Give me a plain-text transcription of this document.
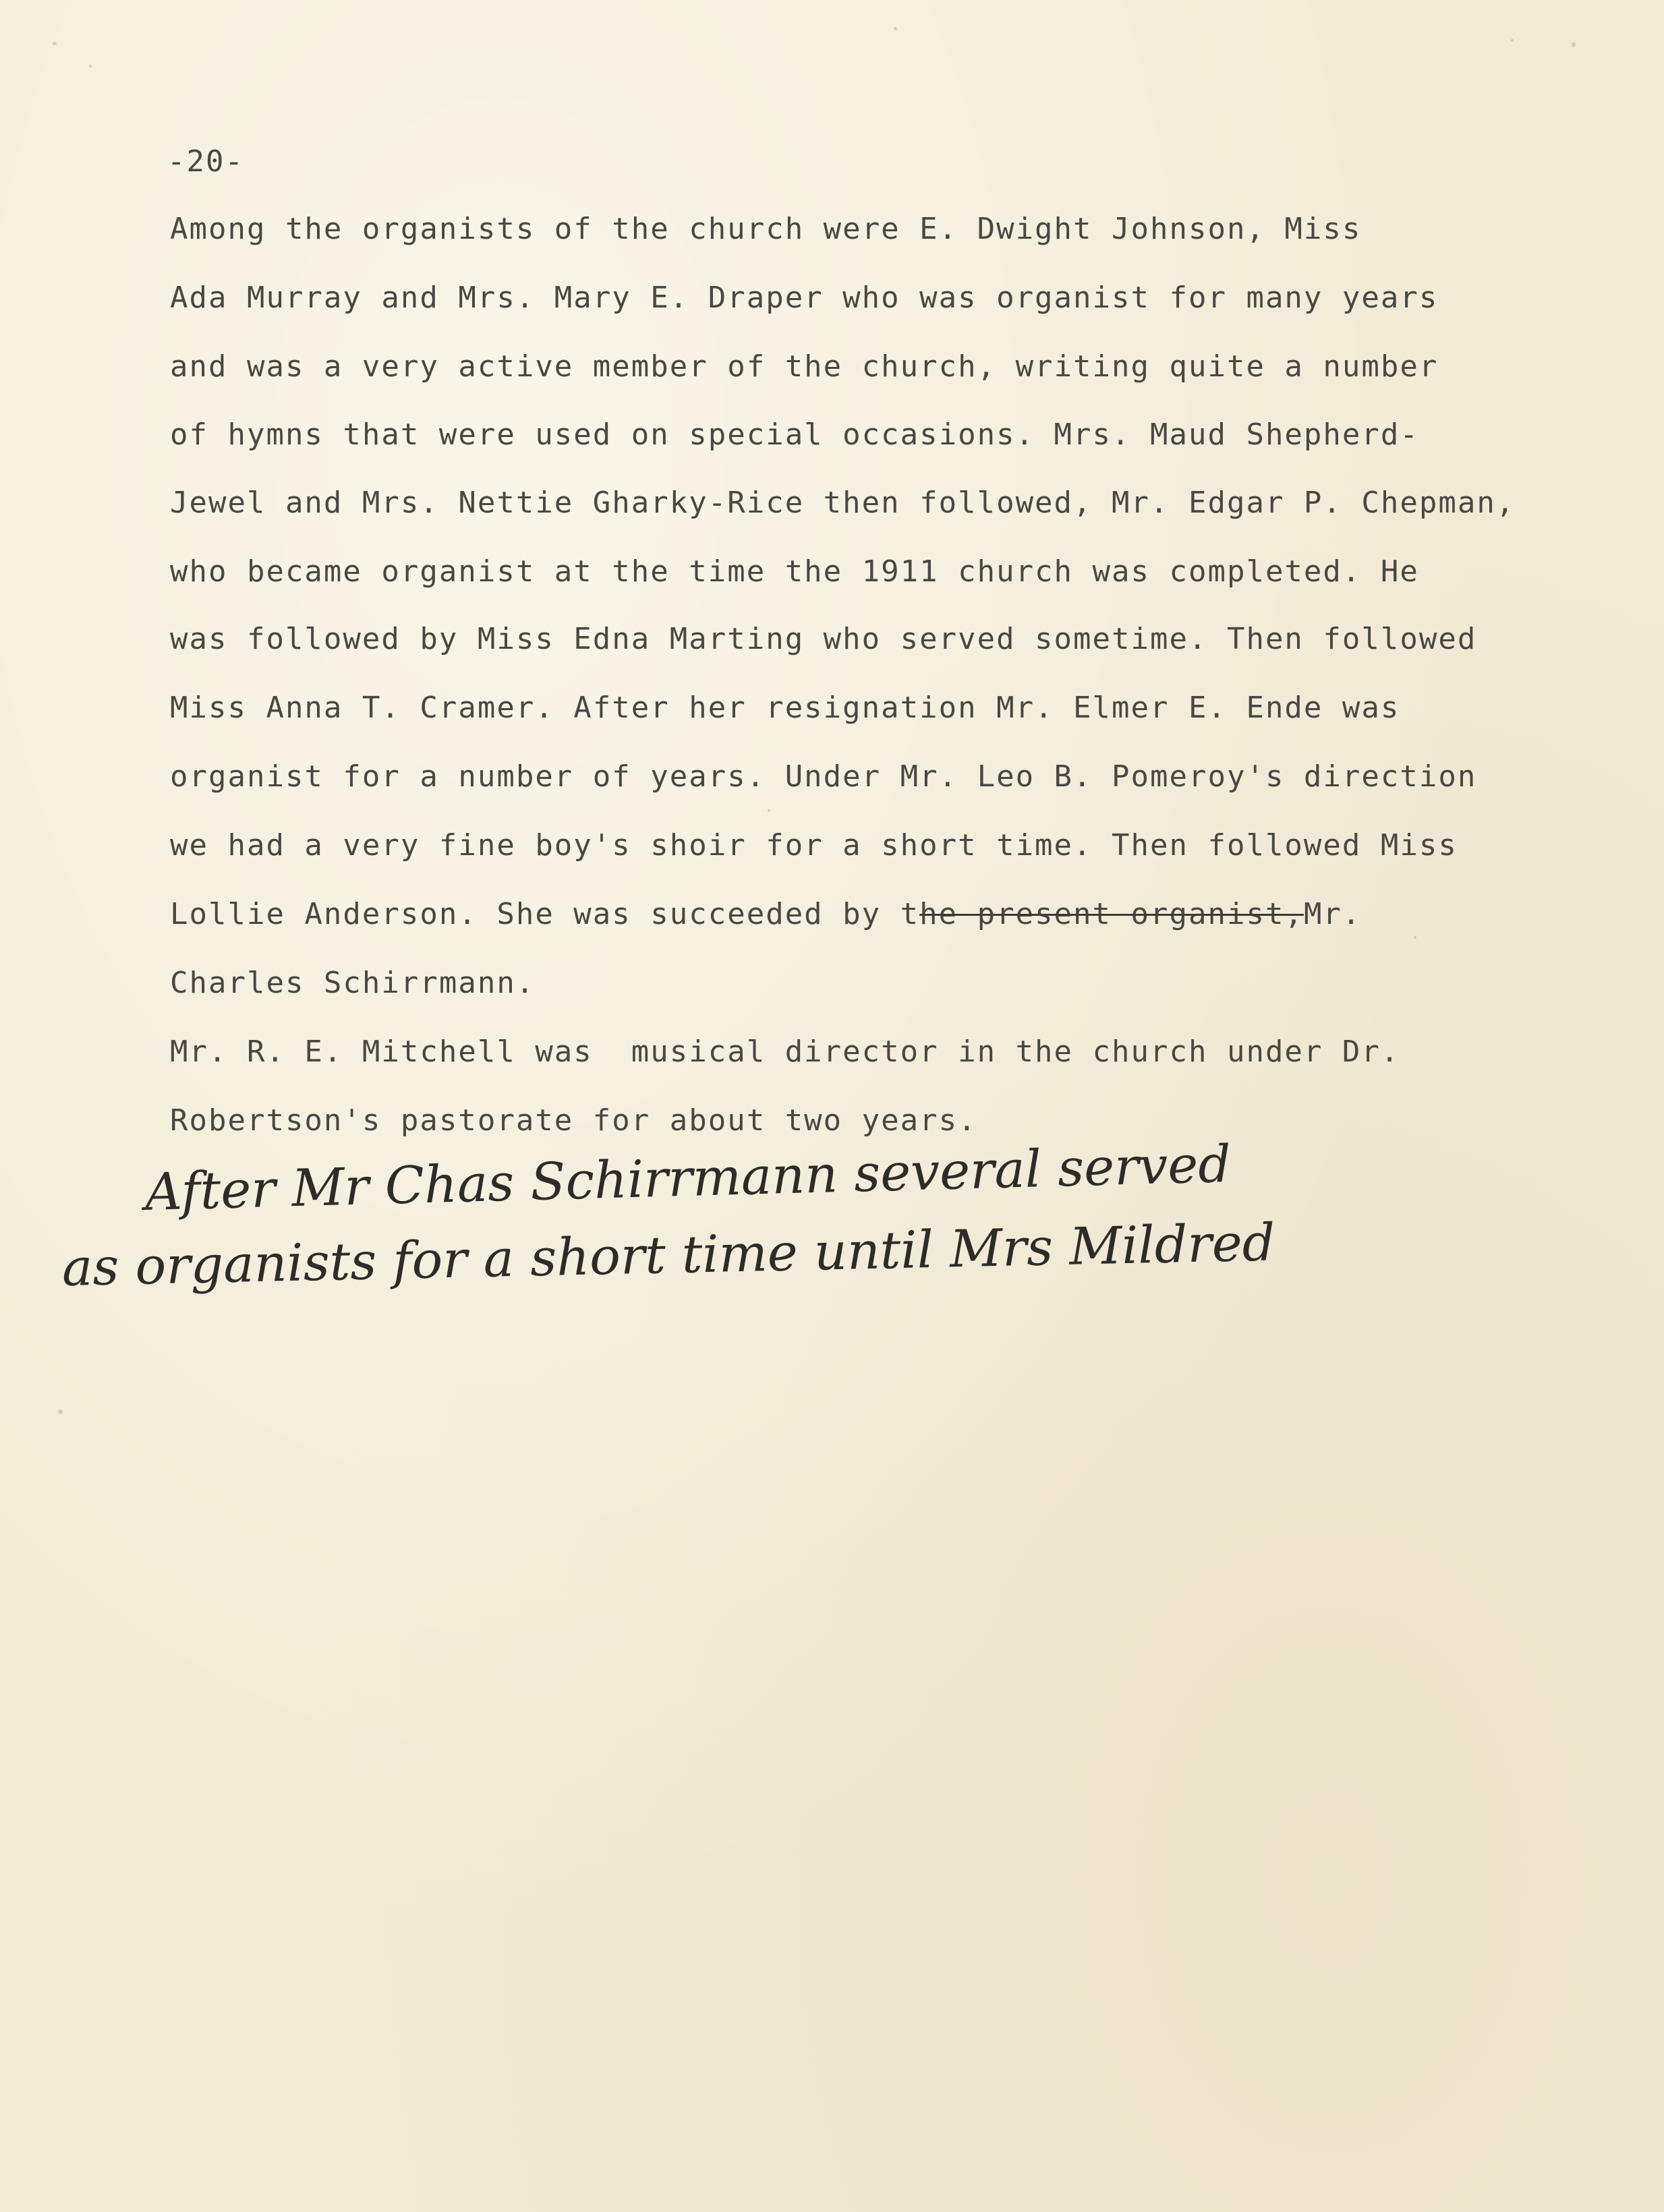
-20-
Among the organists of the church were E. Dwight Johnson, Miss
Ada Murray and Mrs. Mary E. Draper who was organist for many years
and was a very active member of the church, writing quite a number
of hymns that were used on special occasions. Mrs. Maud Shepherd-
Jewel and Mrs. Nettie Gharky-Rice then followed, Mr. Edgar P. Chepman,
who became organist at the time the 1911 church was completed. He
was followed by Miss Edna Marting who served sometime. Then followed
Miss Anna T. Cramer. After her resignation Mr. Elmer E. Ende was
organist for a number of years. Under Mr. Leo B. Pomeroy's direction
we had a very fine boy's shoir for a short time. Then followed Miss
Lollie Anderson. She was succeeded by the present organist,Mr.
Charles Schirrmann.
Mr. R. E. Mitchell was  musical director in the church under Dr.
Robertson's pastorate for about two years.
After Mr Chas Schirrmann several served
as organists for a short time until Mrs Mildred
